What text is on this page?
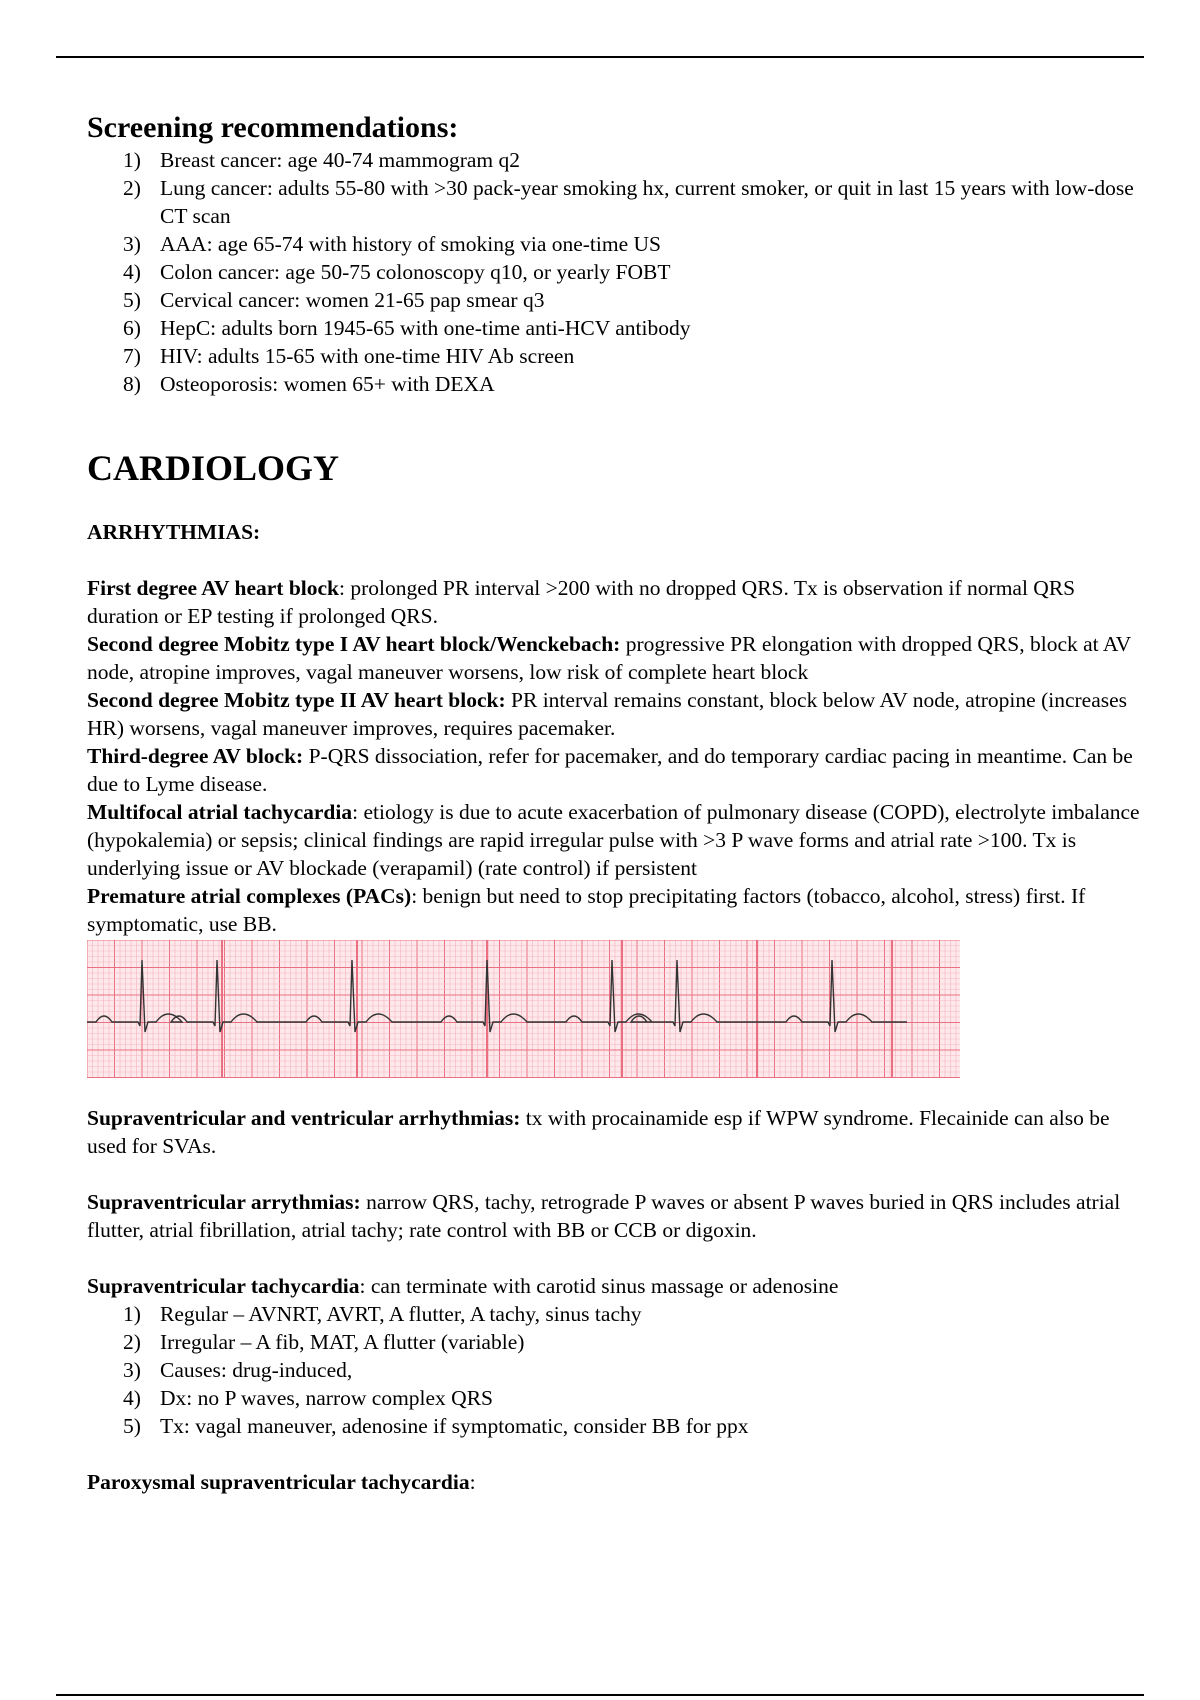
Screening recommendations:
1) Breast cancer: age 40-74 mammogram q2
2) Lung cancer: adults 55-80 with >30 pack-year smoking hx, current smoker, or quit in last 15 years with low-dose CT scan
3) AAA: age 65-74 with history of smoking via one-time US
4) Colon cancer: age 50-75 colonoscopy q10, or yearly FOBT
5) Cervical cancer: women 21-65 pap smear q3
6) HepC: adults born 1945-65 with one-time anti-HCV antibody
7) HIV: adults 15-65 with one-time HIV Ab screen
8) Osteoporosis: women 65+ with DEXA
CARDIOLOGY
ARRHYTHMIAS:

First degree AV heart block: prolonged PR interval >200 with no dropped QRS. Tx is observation if normal QRS duration or EP testing if prolonged QRS.

Second degree Mobitz type I AV heart block/Wenckebach: progressive PR elongation with dropped QRS, block at AV node, atropine improves, vagal maneuver worsens, low risk of complete heart block

Second degree Mobitz type II AV heart block: PR interval remains constant, block below AV node, atropine (increases HR) worsens, vagal maneuver improves, requires pacemaker.

Third-degree AV block: P-QRS dissociation, refer for pacemaker, and do temporary cardiac pacing in meantime. Can be due to Lyme disease.

Multifocal atrial tachycardia: etiology is due to acute exacerbation of pulmonary disease (COPD), electrolyte imbalance (hypokalemia) or sepsis; clinical findings are rapid irregular pulse with >3 P wave forms and atrial rate >100. Tx is underlying issue or AV blockade (verapamil) (rate control) if persistent

Premature atrial complexes (PACs): benign but need to stop precipitating factors (tobacco, alcohol, stress) first. If symptomatic, use BB.

Supraventricular and ventricular arrhythmias: tx with procainamide esp if WPW syndrome. Flecainide can also be used for SVAs.

Supraventricular arrythmias: narrow QRS, tachy, retrograde P waves or absent P waves buried in QRS includes atrial flutter, atrial fibrillation, atrial tachy; rate control with BB or CCB or digoxin.

Supraventricular tachycardia: can terminate with carotid sinus massage or adenosine

1) Regular – AVNRT, AVRT, A flutter, A tachy, sinus tachy
2) Irregular – A fib, MAT, A flutter (variable)
3) Causes: drug-induced,
4) Dx: no P waves, narrow complex QRS
5) Tx: vagal maneuver, adenosine if symptomatic, consider BB for ppx

Paroxysmal supraventricular tachycardia:
